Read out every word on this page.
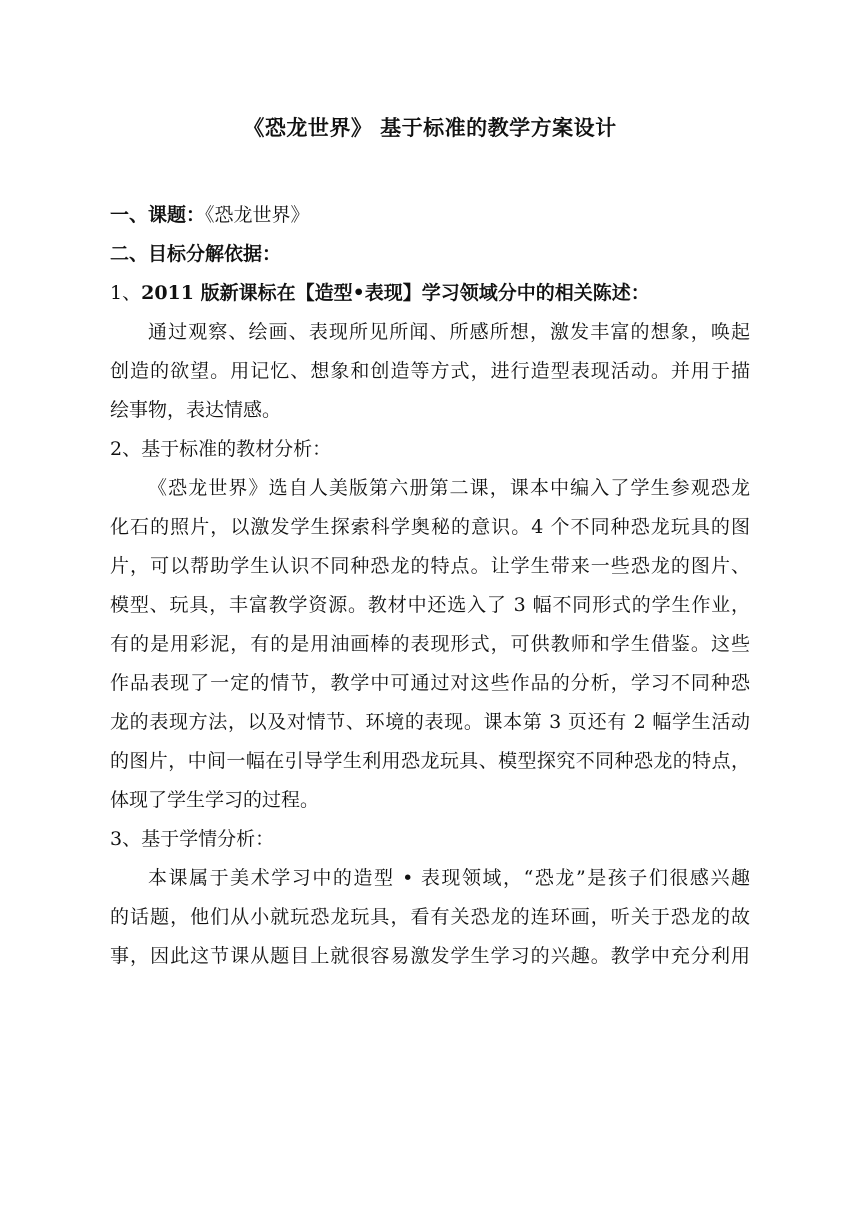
《恐龙世界》 基于标准的教学方案设计

一、课题：《恐龙世界》

二、目标分解依据：

1、2011 版新课标在【造型•表现】学习领域分中的相关陈述：

通过观察、绘画、表现所见所闻、所感所想，激发丰富的想象，唤起

创造的欲望。用记忆、想象和创造等方式，进行造型表现活动。并用于描

绘事物，表达情感。

2、基于标准的教材分析：

《恐龙世界》选自人美版第六册第二课，课本中编入了学生参观恐龙

化石的照片，以激发学生探索科学奥秘的意识。4 个不同种恐龙玩具的图

片，可以帮助学生认识不同种恐龙的特点。让学生带来一些恐龙的图片、

模型、玩具，丰富教学资源。教材中还选入了 3 幅不同形式的学生作业，

有的是用彩泥，有的是用油画棒的表现形式，可供教师和学生借鉴。这些

作品表现了一定的情节，教学中可通过对这些作品的分析，学习不同种恐

龙的表现方法，以及对情节、环境的表现。课本第 3 页还有 2 幅学生活动

的图片，中间一幅在引导学生利用恐龙玩具、模型探究不同种恐龙的特点，

体现了学生学习的过程。

3、基于学情分析：

本课属于美术学习中的造型 • 表现领域，“恐龙”是孩子们很感兴趣

的话题，他们从小就玩恐龙玩具，看有关恐龙的连环画，听关于恐龙的故

事，因此这节课从题目上就很容易激发学生学习的兴趣。教学中充分利用
